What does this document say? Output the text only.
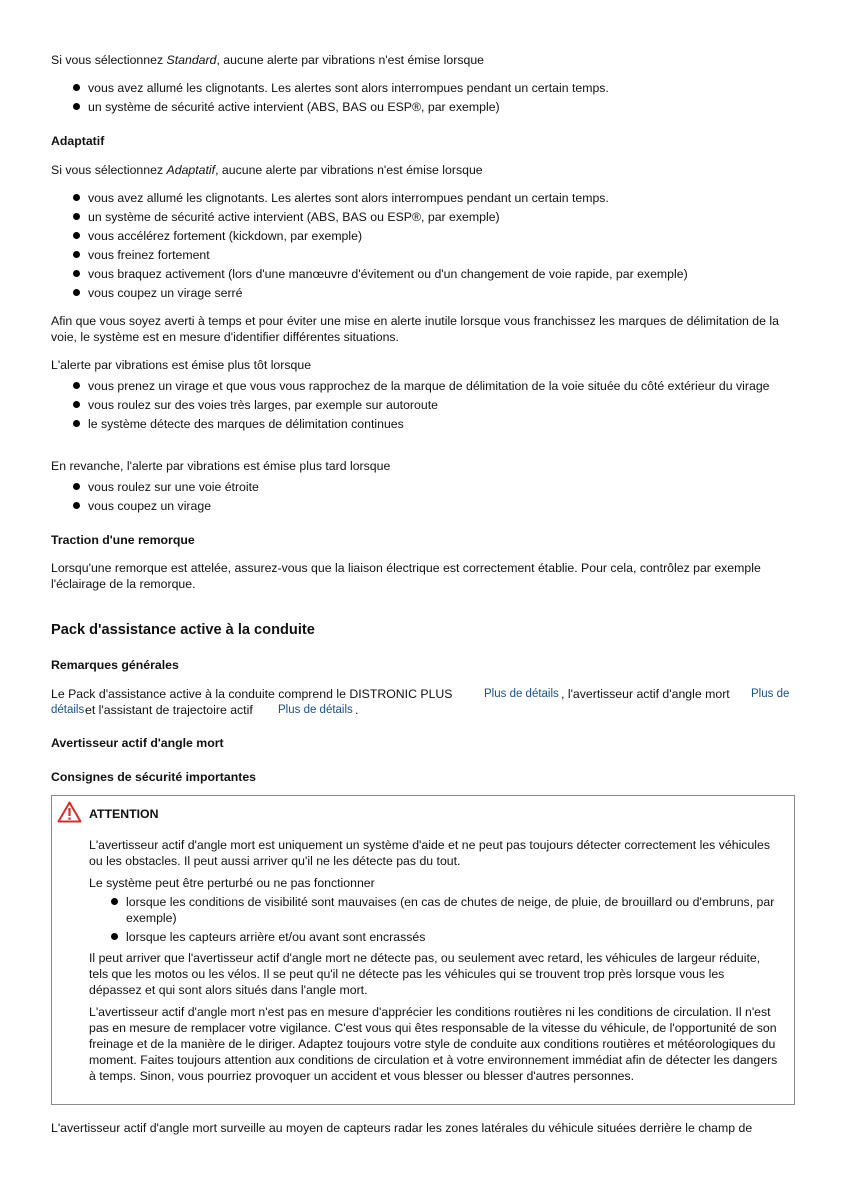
Si vous sélectionnez Standard, aucune alerte par vibrations n'est émise lorsque

vous avez allumé les clignotants. Les alertes sont alors interrompues pendant un certain temps.
un système de sécurité active intervient (ABS, BAS ou ESP®, par exemple)

Adaptatif

Si vous sélectionnez Adaptatif, aucune alerte par vibrations n'est émise lorsque

vous avez allumé les clignotants. Les alertes sont alors interrompues pendant un certain temps.
un système de sécurité active intervient (ABS, BAS ou ESP®, par exemple)
vous accélérez fortement (kickdown, par exemple)
vous freinez fortement
vous braquez activement (lors d'une manœuvre d'évitement ou d'un changement de voie rapide, par exemple)
vous coupez un virage serré

Afin que vous soyez averti à temps et pour éviter une mise en alerte inutile lorsque vous franchissez les marques de délimitation de la voie, le système est en mesure d'identifier différentes situations.

L'alerte par vibrations est émise plus tôt lorsque

vous prenez un virage et que vous vous rapprochez de la marque de délimitation de la voie située du côté extérieur du virage
vous roulez sur des voies très larges, par exemple sur autoroute
le système détecte des marques de délimitation continues

En revanche, l'alerte par vibrations est émise plus tard lorsque

vous roulez sur une voie étroite
vous coupez un virage

Traction d'une remorque

Lorsqu'une remorque est attelée, assurez-vous que la liaison électrique est correctement établie. Pour cela, contrôlez par exemple l'éclairage de la remorque.

Pack d'assistance active à la conduite

Remarques générales

Le Pack d'assistance active à la conduite comprend le DISTRONIC PLUS	Plus de détails , l'avertisseur actif d'angle mort Plus de
détails et l'assistant de trajectoire actif Plus de détails .

Avertisseur actif d'angle mort

Consignes de sécurité importantes

ATTENTION

L'avertisseur actif d'angle mort est uniquement un système d'aide et ne peut pas toujours détecter correctement les véhicules ou les obstacles. Il peut aussi arriver qu'il ne les détecte pas du tout.

Le système peut être perturbé ou ne pas fonctionner

lorsque les conditions de visibilité sont mauvaises (en cas de chutes de neige, de pluie, de brouillard ou d'embruns, par exemple)
lorsque les capteurs arrière et/ou avant sont encrassés

Il peut arriver que l'avertisseur actif d'angle mort ne détecte pas, ou seulement avec retard, les véhicules de largeur réduite, tels que les motos ou les vélos. Il se peut qu'il ne détecte pas les véhicules qui se trouvent trop près lorsque vous les dépassez et qui sont alors situés dans l'angle mort.

L'avertisseur actif d'angle mort n'est pas en mesure d'apprécier les conditions routières ni les conditions de circulation. Il n'est pas en mesure de remplacer votre vigilance. C'est vous qui êtes responsable de la vitesse du véhicule, de l'opportunité de son freinage et de la manière de le diriger. Adaptez toujours votre style de conduite aux conditions routières et météorologiques du moment. Faites toujours attention aux conditions de circulation et à votre environnement immédiat afin de détecter les dangers à temps. Sinon, vous pourriez provoquer un accident et vous blesser ou blesser d'autres personnes.

L'avertisseur actif d'angle mort surveille au moyen de capteurs radar les zones latérales du véhicule situées derrière le champ de
